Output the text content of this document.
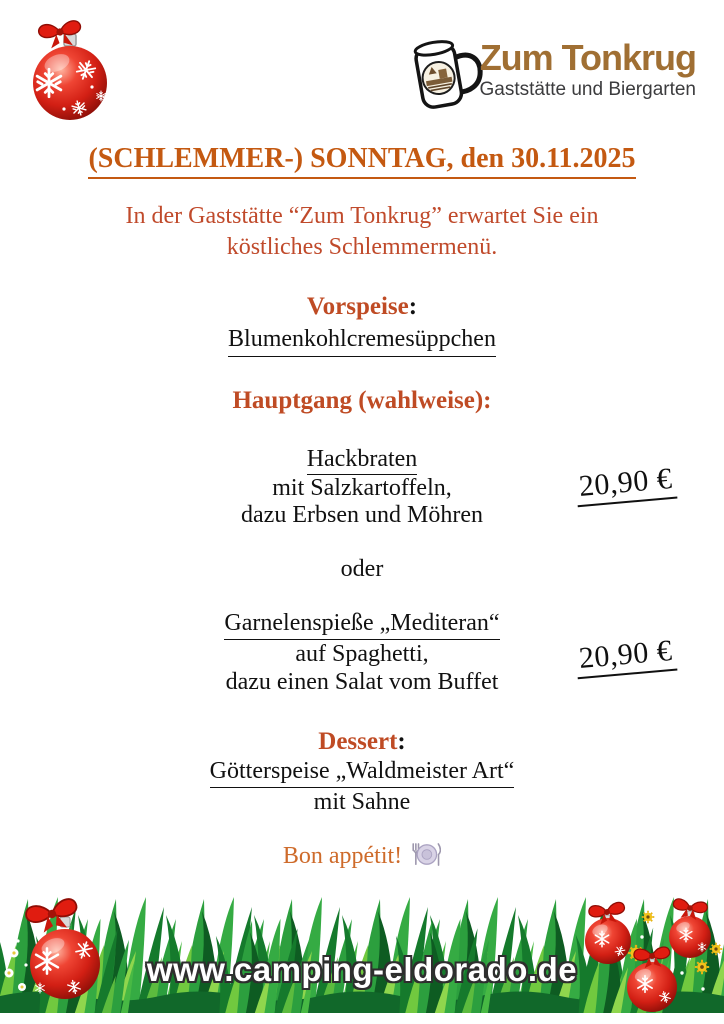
Zum Tonkrug
Gaststätte und Biergarten
(SCHLEMMER-) SONNTAG, den 30.11.2025
In der Gaststätte “Zum Tonkrug” erwartet Sie ein
köstliches Schlemmermenü.
Vorspeise:
Blumenkohlcremesüppchen
Hauptgang (wahlweise):
Hackbraten
mit Salzkartoffeln,
dazu Erbsen und Möhren
20,90 €
oder
Garnelenspieße „Mediteran“
auf Spaghetti,
dazu einen Salat vom Buffet
20,90 €
Dessert:
Götterspeise „Waldmeister Art“
mit Sahne
Bon appétit!
www.camping-eldorado.de
